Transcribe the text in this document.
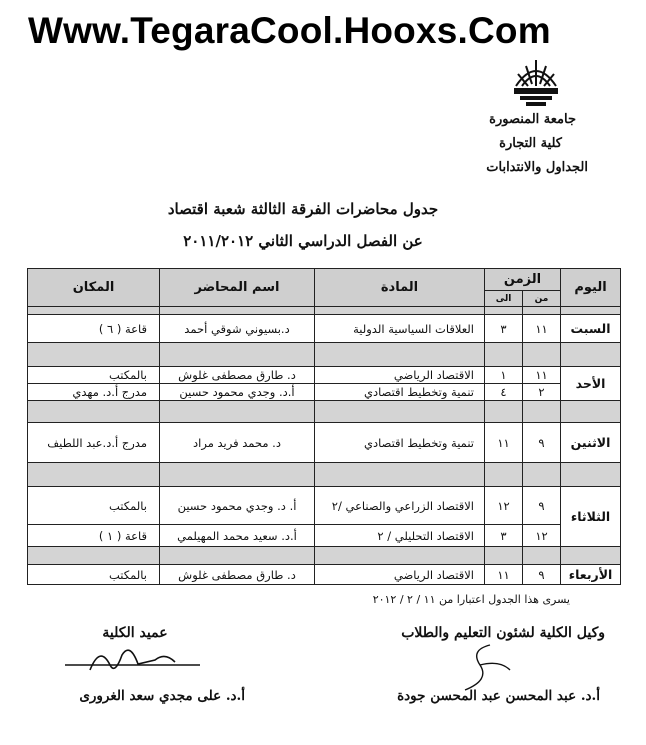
Www.TegaraCool.Hooxs.Com
جامعة المنصورة
كلية التجارة
الجداول والانتدابات
جدول محاضرات الفرقة الثالثة شعبة اقتصاد
عن الفصل الدراسي الثاني ٢٠١١/٢٠١٢
اليوم	الزمن		المادة	اسم المحاضر	المكان
	من	الى			

السبت	١١	٣	العلاقات السياسية الدولية	د.بسيوني شوقي أحمد	قاعة ( ٦ )

الأحد	١١	١	الاقتصاد الرياضي	د. طارق مصطفى غلوش	بالمكتب
	٢	٤	تنمية وتخطيط اقتصادي	أ.د. وجدي محمود حسين	مدرج أ.د. مهدي

الاثنين	٩	١١	تنمية وتخطيط اقتصادي	د. محمد فريد مراد	مدرج أ.د.عبد اللطيف

الثلاثاء	٩	١٢	الاقتصاد الزراعي والصناعي /٢	أ. د. وجدي محمود حسين	بالمكتب
	١٢	٣	الاقتصاد التحليلي / ٢	أ.د. سعيد محمد المهيلمي	قاعة ( ١ )

الأربعاء	٩	١١	الاقتصاد الرياضي	د. طارق مصطفى غلوش	بالمكتب
يسرى هذا الجدول اعتبارا من ١١ / ٢ / ٢٠١٢
وكيل الكلية لشئون التعليم والطلاب
عميد الكلية
أ.د. عبد المحسن عبد المحسن جودة
أ.د. على مجدي سعد الغرورى
